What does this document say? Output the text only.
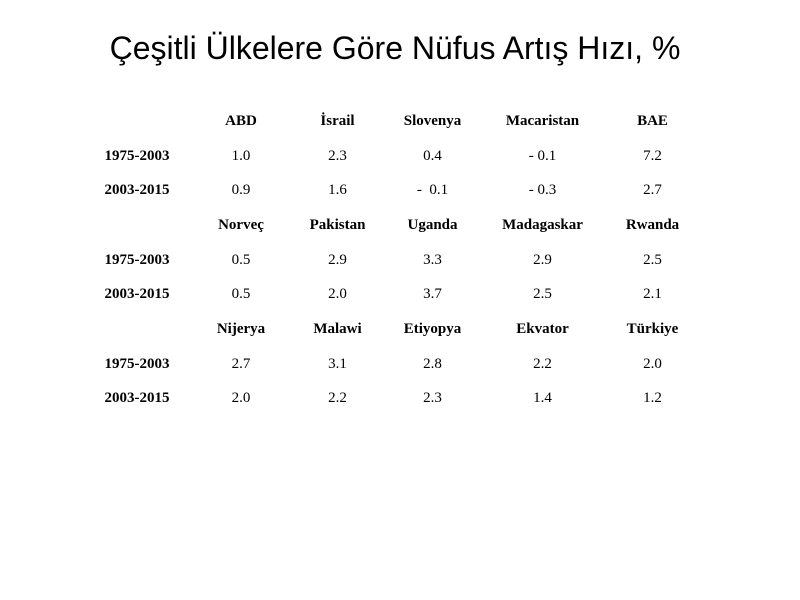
Çeşitli Ülkelere Göre Nüfus Artış Hızı, %
	ABD	İsrail	Slovenya	Macaristan	BAE
1975-2003	1.0	2.3	0.4	- 0.1	7.2
2003-2015	0.9	1.6	-  0.1	- 0.3	2.7
	Norveç	Pakistan	Uganda	Madagaskar	Rwanda
1975-2003	0.5	2.9	3.3	2.9	2.5
2003-2015	0.5	2.0	3.7	2.5	2.1
	Nijerya	Malawi	Etiyopya	Ekvator	Türkiye
1975-2003	2.7	3.1	2.8	2.2	2.0
2003-2015	2.0	2.2	2.3	1.4	1.2
